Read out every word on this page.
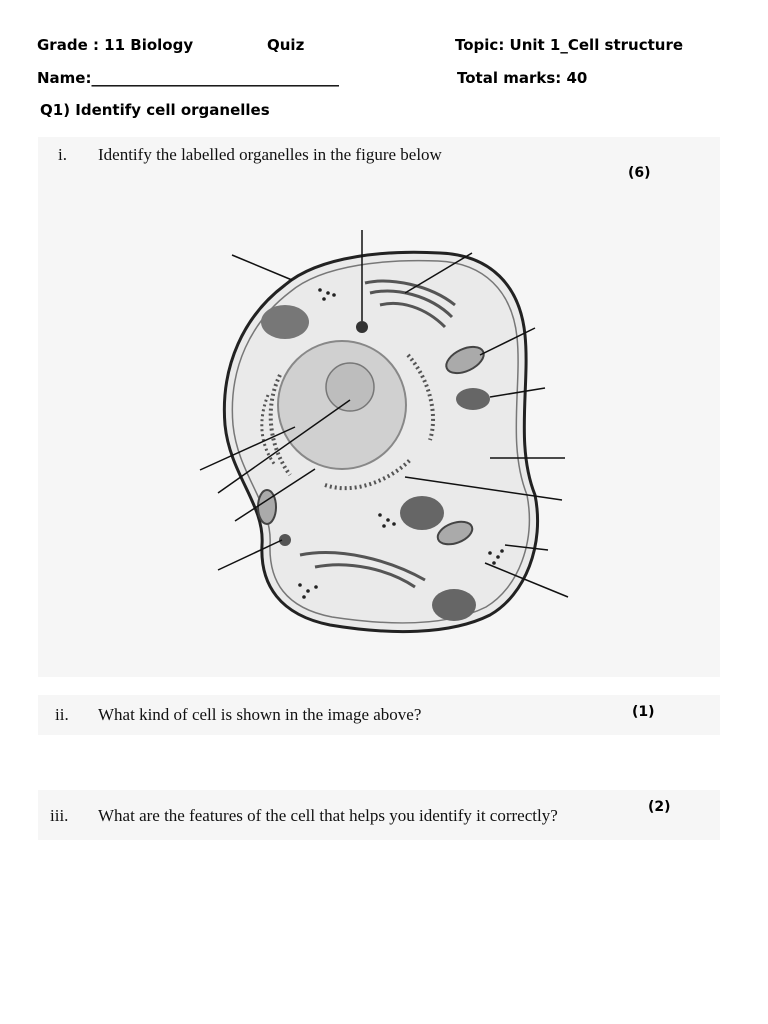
Grade : 11 Biology	Quiz	Topic: Unit 1_Cell structure
Name:_________________________________	Total marks: 40
Q1) Identify cell organelles
i. Identify the labelled organelles in the figure below
(6)
ii. What kind of cell is shown in the image above?	(1)
iii. What are the features of the cell that helps you identify it correctly?	(2)
